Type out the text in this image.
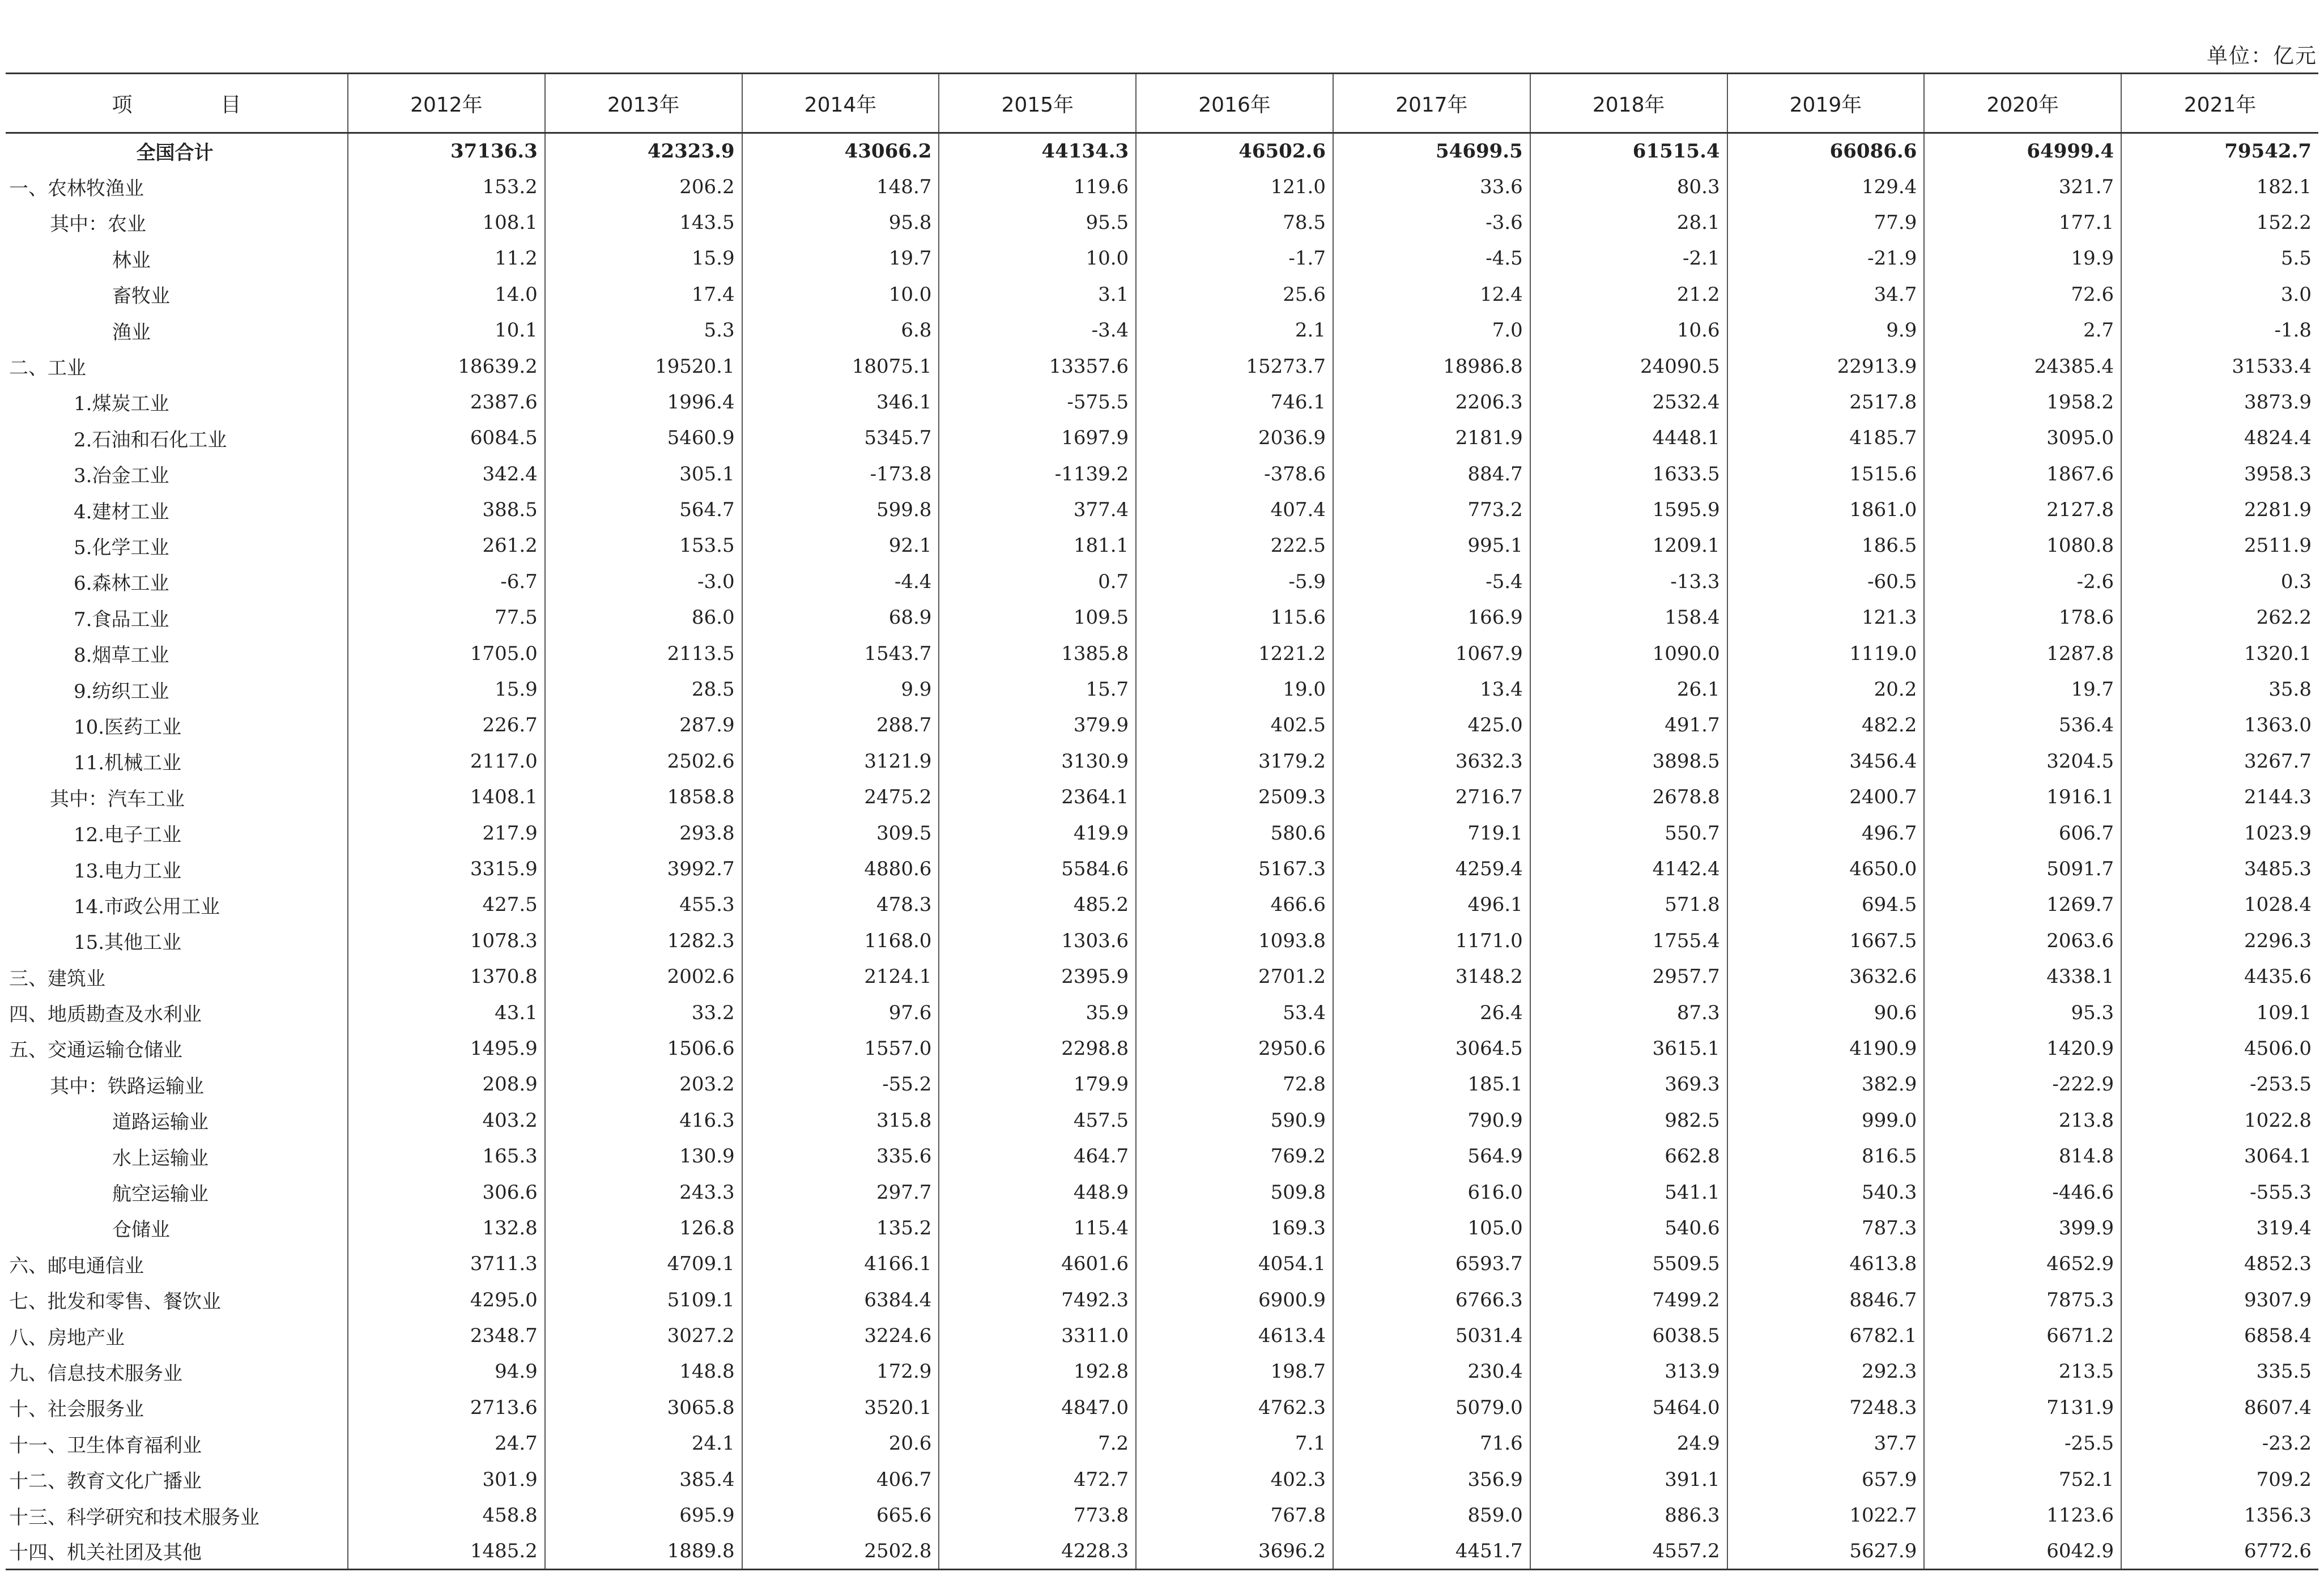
单位：亿元
项　目	2012年	2013年	2014年	2015年	2016年	2017年	2018年	2019年	2020年	2021年
全国合计	37136.3	42323.9	43066.2	44134.3	46502.6	54699.5	61515.4	66086.6	64999.4	79542.7
一、农林牧渔业	153.2	206.2	148.7	119.6	121.0	33.6	80.3	129.4	321.7	182.1
其中：农业	108.1	143.5	95.8	95.5	78.5	-3.6	28.1	77.9	177.1	152.2
林业	11.2	15.9	19.7	10.0	-1.7	-4.5	-2.1	-21.9	19.9	5.5
畜牧业	14.0	17.4	10.0	3.1	25.6	12.4	21.2	34.7	72.6	3.0
渔业	10.1	5.3	6.8	-3.4	2.1	7.0	10.6	9.9	2.7	-1.8
二、工业	18639.2	19520.1	18075.1	13357.6	15273.7	18986.8	24090.5	22913.9	24385.4	31533.4
1.煤炭工业	2387.6	1996.4	346.1	-575.5	746.1	2206.3	2532.4	2517.8	1958.2	3873.9
2.石油和石化工业	6084.5	5460.9	5345.7	1697.9	2036.9	2181.9	4448.1	4185.7	3095.0	4824.4
3.冶金工业	342.4	305.1	-173.8	-1139.2	-378.6	884.7	1633.5	1515.6	1867.6	3958.3
4.建材工业	388.5	564.7	599.8	377.4	407.4	773.2	1595.9	1861.0	2127.8	2281.9
5.化学工业	261.2	153.5	92.1	181.1	222.5	995.1	1209.1	186.5	1080.8	2511.9
6.森林工业	-6.7	-3.0	-4.4	0.7	-5.9	-5.4	-13.3	-60.5	-2.6	0.3
7.食品工业	77.5	86.0	68.9	109.5	115.6	166.9	158.4	121.3	178.6	262.2
8.烟草工业	1705.0	2113.5	1543.7	1385.8	1221.2	1067.9	1090.0	1119.0	1287.8	1320.1
9.纺织工业	15.9	28.5	9.9	15.7	19.0	13.4	26.1	20.2	19.7	35.8
10.医药工业	226.7	287.9	288.7	379.9	402.5	425.0	491.7	482.2	536.4	1363.0
11.机械工业	2117.0	2502.6	3121.9	3130.9	3179.2	3632.3	3898.5	3456.4	3204.5	3267.7
其中：汽车工业	1408.1	1858.8	2475.2	2364.1	2509.3	2716.7	2678.8	2400.7	1916.1	2144.3
12.电子工业	217.9	293.8	309.5	419.9	580.6	719.1	550.7	496.7	606.7	1023.9
13.电力工业	3315.9	3992.7	4880.6	5584.6	5167.3	4259.4	4142.4	4650.0	5091.7	3485.3
14.市政公用工业	427.5	455.3	478.3	485.2	466.6	496.1	571.8	694.5	1269.7	1028.4
15.其他工业	1078.3	1282.3	1168.0	1303.6	1093.8	1171.0	1755.4	1667.5	2063.6	2296.3
三、建筑业	1370.8	2002.6	2124.1	2395.9	2701.2	3148.2	2957.7	3632.6	4338.1	4435.6
四、地质勘查及水利业	43.1	33.2	97.6	35.9	53.4	26.4	87.3	90.6	95.3	109.1
五、交通运输仓储业	1495.9	1506.6	1557.0	2298.8	2950.6	3064.5	3615.1	4190.9	1420.9	4506.0
其中：铁路运输业	208.9	203.2	-55.2	179.9	72.8	185.1	369.3	382.9	-222.9	-253.5
道路运输业	403.2	416.3	315.8	457.5	590.9	790.9	982.5	999.0	213.8	1022.8
水上运输业	165.3	130.9	335.6	464.7	769.2	564.9	662.8	816.5	814.8	3064.1
航空运输业	306.6	243.3	297.7	448.9	509.8	616.0	541.1	540.3	-446.6	-555.3
仓储业	132.8	126.8	135.2	115.4	169.3	105.0	540.6	787.3	399.9	319.4
六、邮电通信业	3711.3	4709.1	4166.1	4601.6	4054.1	6593.7	5509.5	4613.8	4652.9	4852.3
七、批发和零售、餐饮业	4295.0	5109.1	6384.4	7492.3	6900.9	6766.3	7499.2	8846.7	7875.3	9307.9
八、房地产业	2348.7	3027.2	3224.6	3311.0	4613.4	5031.4	6038.5	6782.1	6671.2	6858.4
九、信息技术服务业	94.9	148.8	172.9	192.8	198.7	230.4	313.9	292.3	213.5	335.5
十、社会服务业	2713.6	3065.8	3520.1	4847.0	4762.3	5079.0	5464.0	7248.3	7131.9	8607.4
十一、卫生体育福利业	24.7	24.1	20.6	7.2	7.1	71.6	24.9	37.7	-25.5	-23.2
十二、教育文化广播业	301.9	385.4	406.7	472.7	402.3	356.9	391.1	657.9	752.1	709.2
十三、科学研究和技术服务业	458.8	695.9	665.6	773.8	767.8	859.0	886.3	1022.7	1123.6	1356.3
十四、机关社团及其他	1485.2	1889.8	2502.8	4228.3	3696.2	4451.7	4557.2	5627.9	6042.9	6772.6
